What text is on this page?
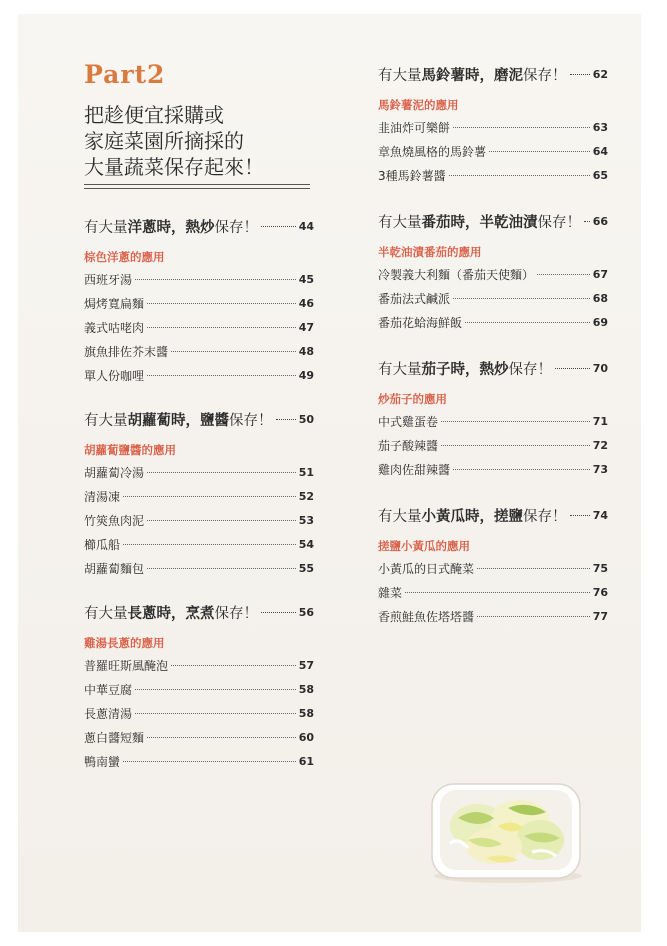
Part2
把趁便宜採購或
家庭菜園所摘採的
大量蔬菜保存起來！
有大量洋蔥時，熱炒保存！	44
棕色洋蔥的應用
西班牙湯	45
焗烤寬扁麵	46
義式咕咾肉	47
旗魚排佐芥末醬	48
單人份咖哩	49
有大量胡蘿蔔時，鹽醬保存！ 50
胡蘿蔔鹽醬的應用
胡蘿蔔冷湯	51
清湯凍	52
竹筴魚肉泥	53
櫛瓜船	54
胡蘿蔔麵包	55
有大量長蔥時，烹煮保存！	56
雞湯長蔥的應用
普羅旺斯風醃泡	57
中華豆腐	58
長蔥清湯	58
蔥白醬短麵	60
鴨南蠻	61
有大量馬鈴薯時，磨泥保存！ 62
馬鈴薯泥的應用
韭油炸可樂餅	63
章魚燒風格的馬鈴薯	64
3種馬鈴薯醬	65
有大量番茄時，半乾油漬保存！ 66
半乾油漬番茄的應用
冷製義大利麵（番茄天使麵）	67
番茄法式鹹派	68
番茄花蛤海鮮飯	69
有大量茄子時，熱炒保存！	70
炒茄子的應用
中式雞蛋卷	71
茄子酸辣醬	72
雞肉佐甜辣醬	73
有大量小黃瓜時，搓鹽保存！ 74
搓鹽小黃瓜的應用
小黃瓜的日式醃菜	75
雜菜	76
香煎鮭魚佐塔塔醬	77
